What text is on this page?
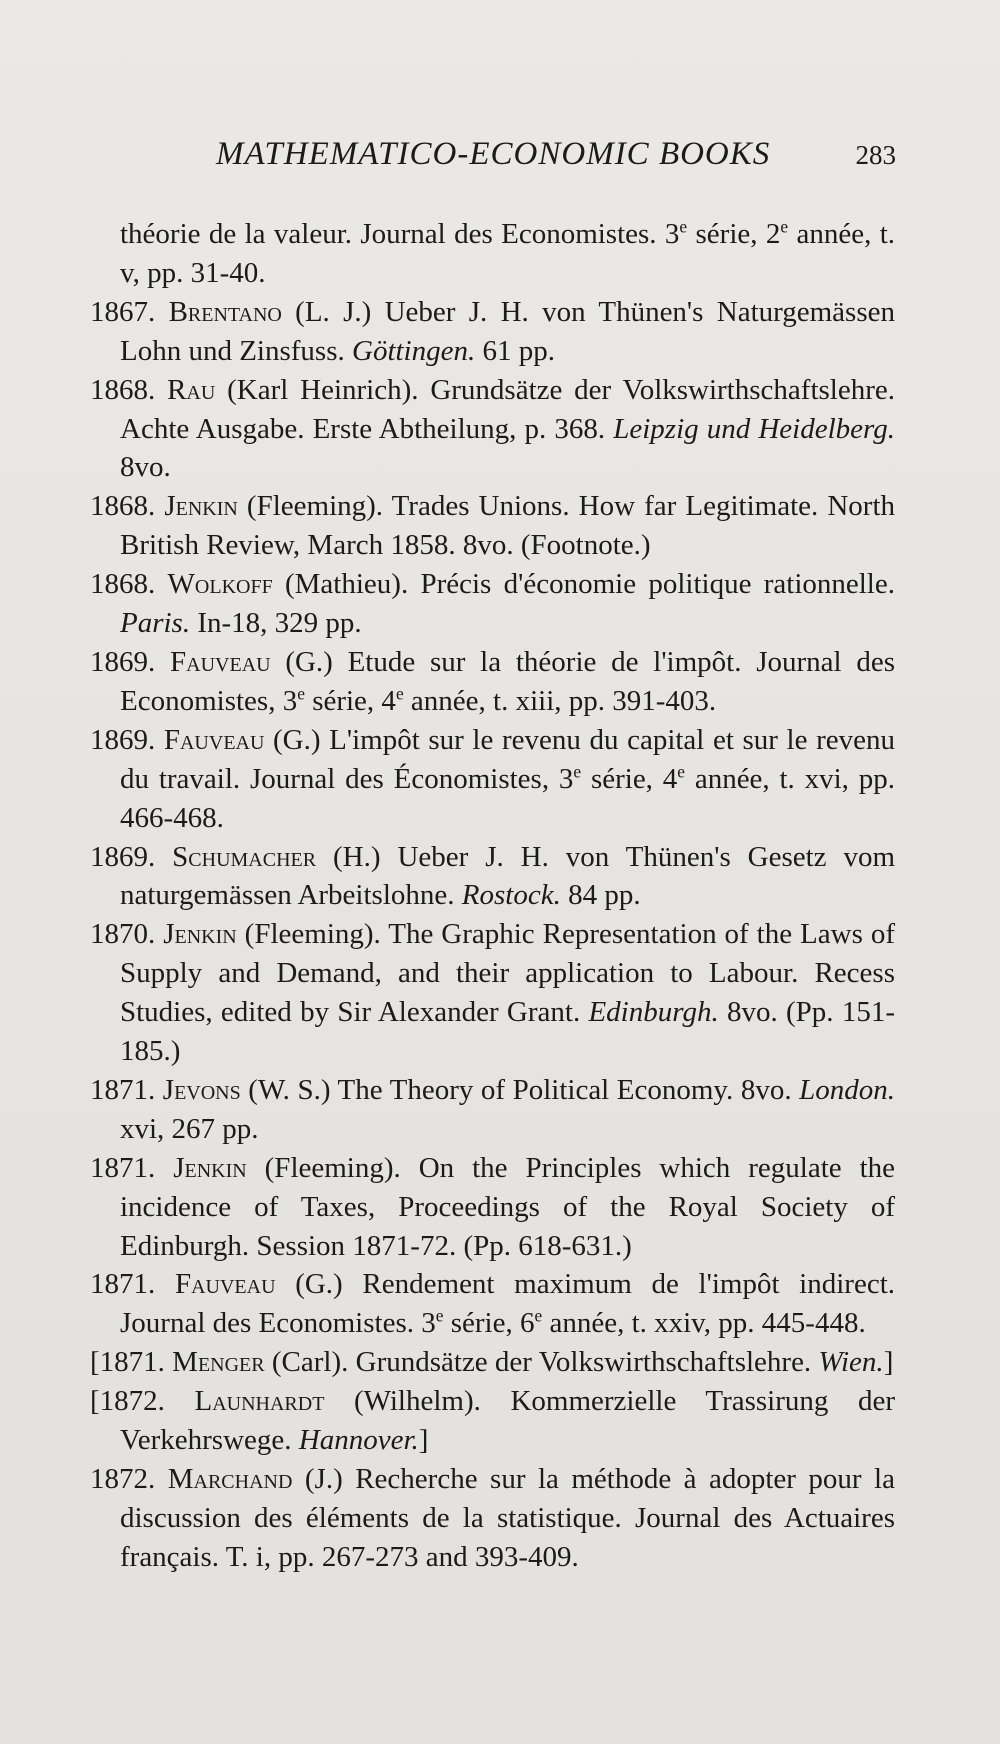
MATHEMATICO-ECONOMIC BOOKS	283
théorie de la valeur. Journal des Economistes. 3e série, 2e année, t. v, pp. 31-40.
1867. Brentano (L. J.) Ueber J. H. von Thünen's Naturgemässen Lohn und Zinsfuss. Göttingen. 61 pp.
1868. Rau (Karl Heinrich). Grundsätze der Volkswirthschaftslehre. Achte Ausgabe. Erste Abtheilung, p. 368. Leipzig und Heidelberg. 8vo.
1868. Jenkin (Fleeming). Trades Unions. How far Legitimate. North British Review, March 1858. 8vo. (Footnote.)
1868. Wolkoff (Mathieu). Précis d'économie politique rationnelle. Paris. In-18, 329 pp.
1869. Fauveau (G.) Etude sur la théorie de l'impôt. Journal des Economistes, 3e série, 4e année, t. xiii, pp. 391-403.
1869. Fauveau (G.) L'impôt sur le revenu du capital et sur le revenu du travail. Journal des Économistes, 3e série, 4e année, t. xvi, pp. 466-468.
1869. Schumacher (H.) Ueber J. H. von Thünen's Gesetz vom naturgemässen Arbeitslohne. Rostock. 84 pp.
1870. Jenkin (Fleeming). The Graphic Representation of the Laws of Supply and Demand, and their application to Labour. Recess Studies, edited by Sir Alexander Grant. Edinburgh. 8vo. (Pp. 151-185.)
1871. Jevons (W. S.) The Theory of Political Economy. 8vo. London. xvi, 267 pp.
1871. Jenkin (Fleeming). On the Principles which regulate the incidence of Taxes, Proceedings of the Royal Society of Edinburgh. Session 1871-72. (Pp. 618-631.)
1871. Fauveau (G.) Rendement maximum de l'impôt indirect. Journal des Economistes. 3e série, 6e année, t. xxiv, pp. 445-448.
[1871. Menger (Carl). Grundsätze der Volkswirthschaftslehre. Wien.]
[1872. Launhardt (Wilhelm). Kommerzielle Trassirung der Verkehrswege. Hannover.]
1872. Marchand (J.) Recherche sur la méthode à adopter pour la discussion des éléments de la statistique. Journal des Actuaires français. T. i, pp. 267-273 and 393-409.
